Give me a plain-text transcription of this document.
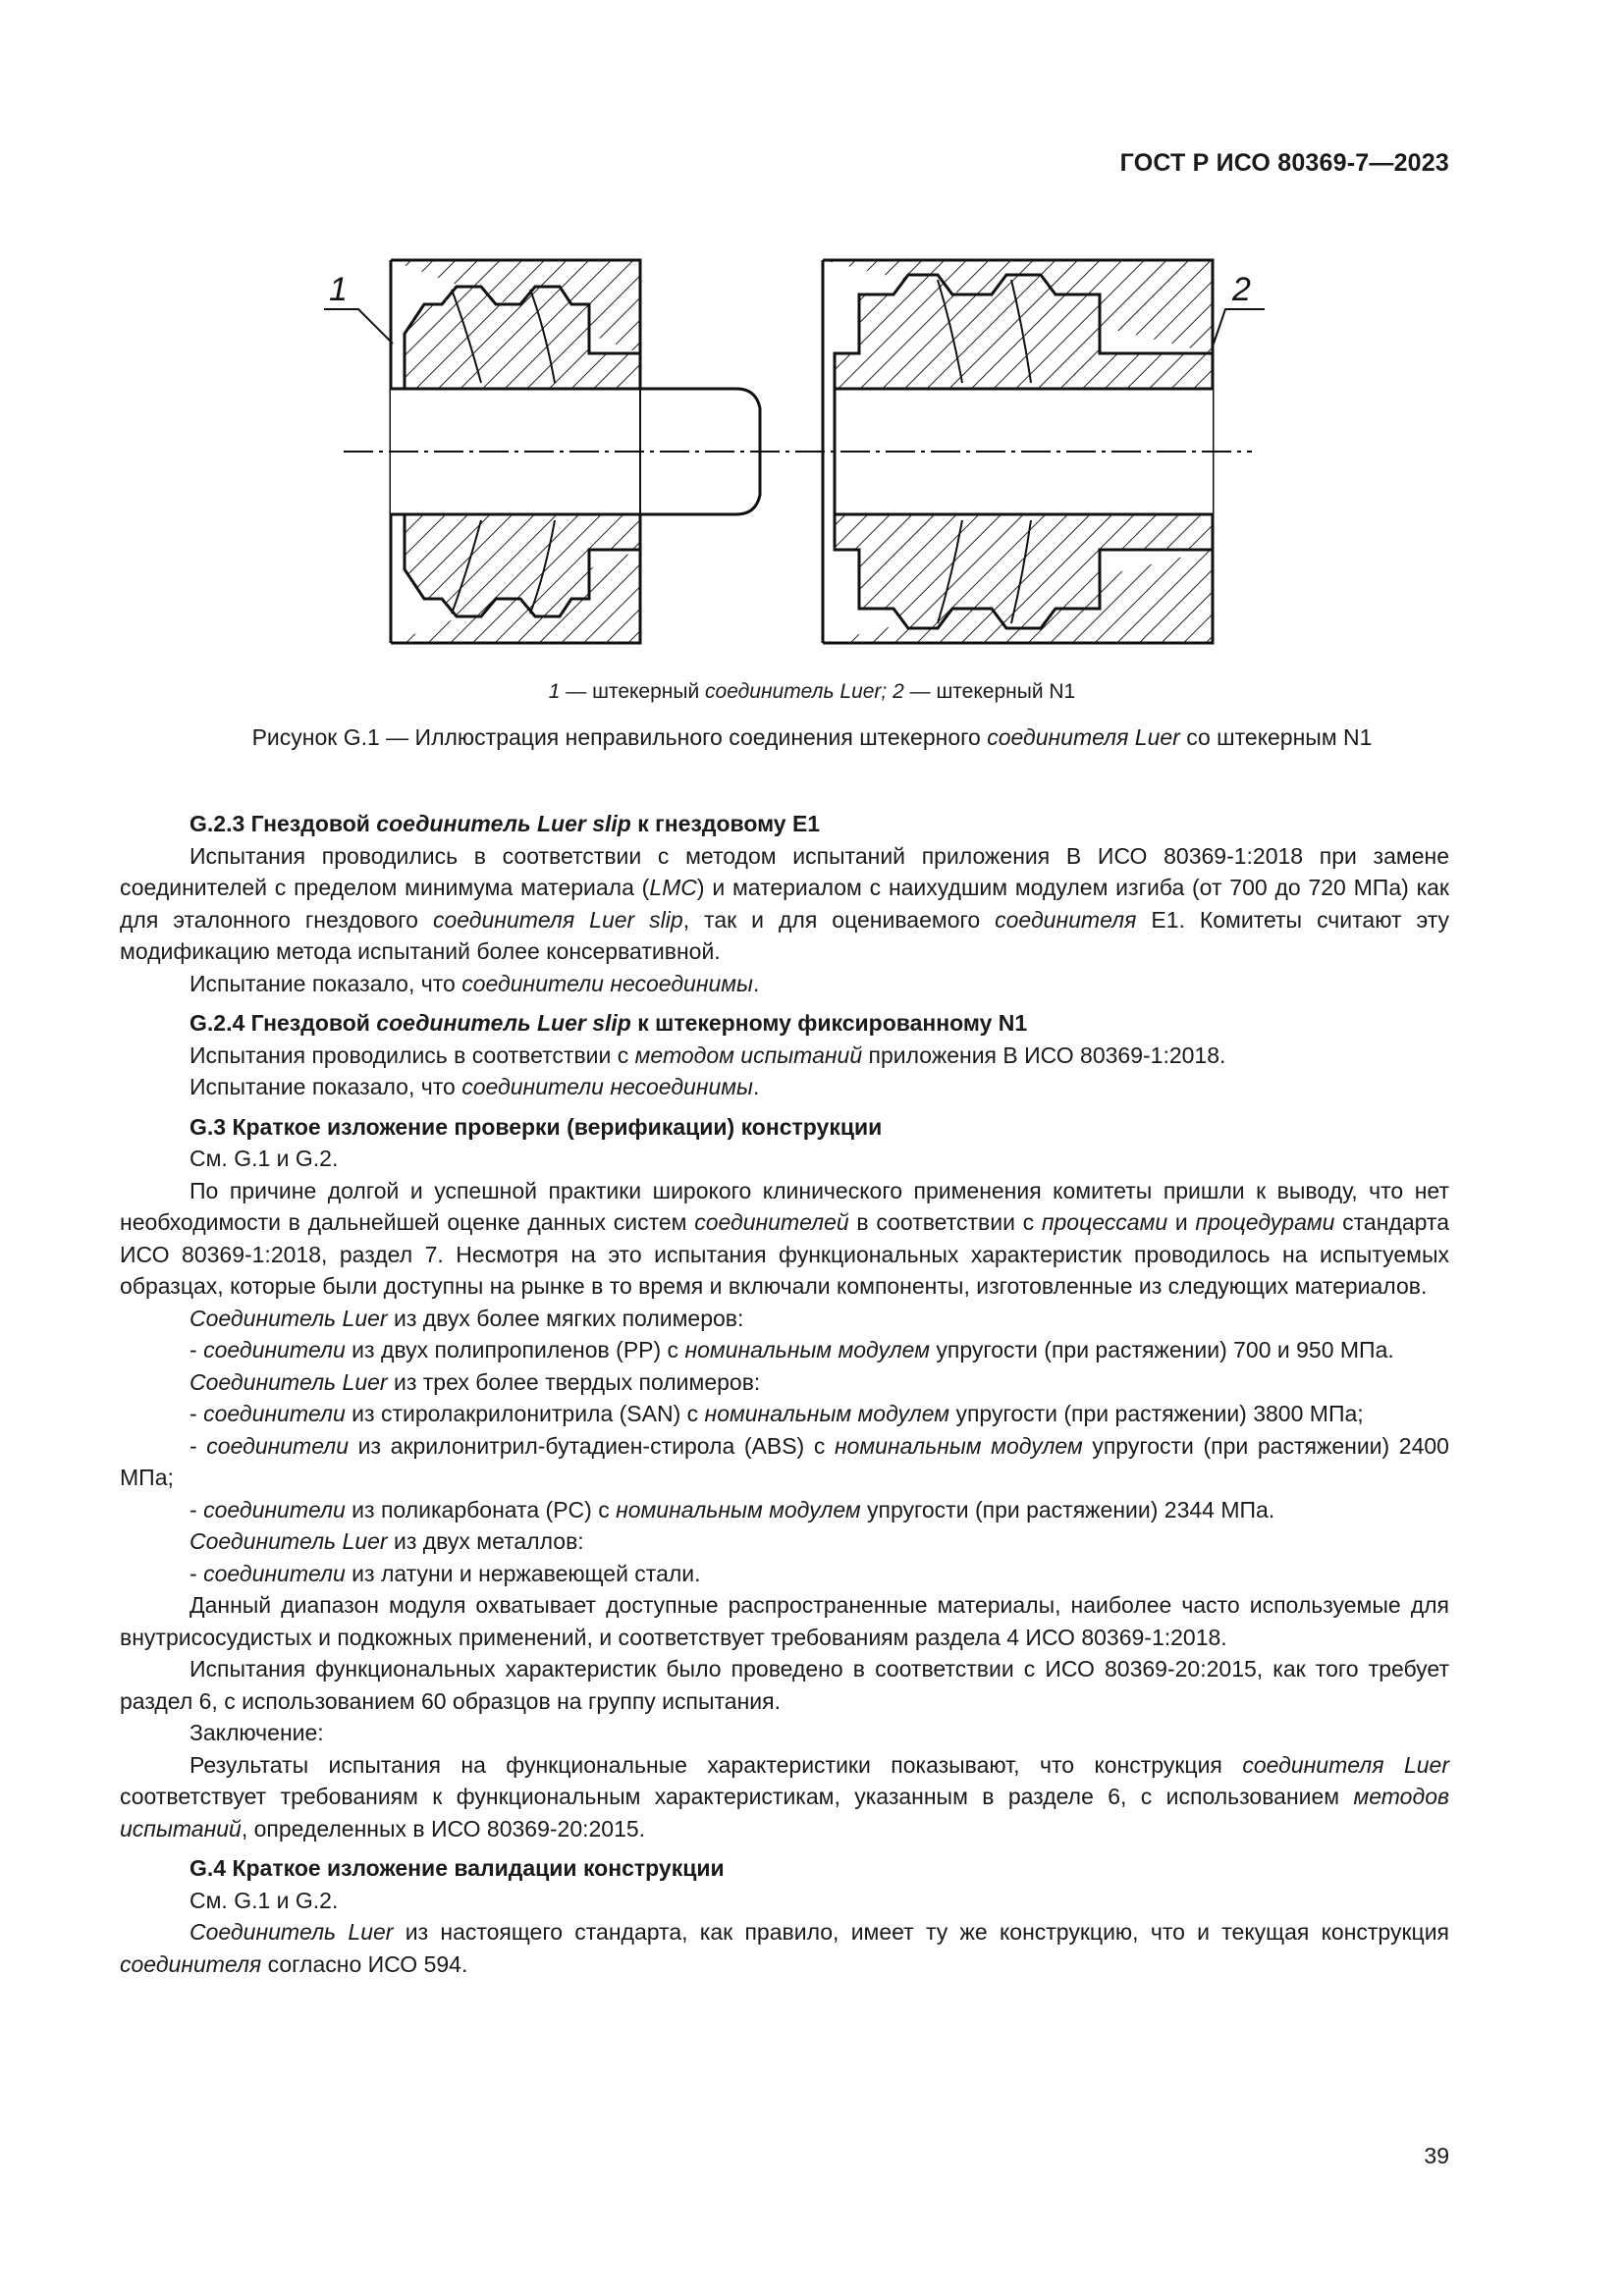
ГОСТ Р ИСО 80369-7—2023
1	2
1 — штекерный соединитель Luer; 2 — штекерный N1
Рисунок G.1 — Иллюстрация неправильного соединения штекерного соединителя Luer со штекерным N1

G.2.3 Гнездовой соединитель Luer slip к гнездовому E1

Испытания проводились в соответствии с методом испытаний приложения B ИСО 80369-1:2018 при замене соединителей с пределом минимума материала (LMC) и материалом с наихудшим модулем изгиба (от 700 до 720 МПа) как для эталонного гнездового соединителя Luer slip, так и для оцениваемого соединителя E1. Комитеты считают эту модификацию метода испытаний более консервативной.

Испытание показало, что соединители несоединимы.

G.2.4 Гнездовой соединитель Luer slip к штекерному фиксированному N1

Испытания проводились в соответствии с методом испытаний приложения B ИСО 80369-1:2018.

Испытание показало, что соединители несоединимы.

G.3 Краткое изложение проверки (верификации) конструкции

См. G.1 и G.2.

По причине долгой и успешной практики широкого клинического применения комитеты пришли к выводу, что нет необходимости в дальнейшей оценке данных систем соединителей в соответствии с процессами и процедурами стандарта ИСО 80369-1:2018, раздел 7. Несмотря на это испытания функциональных характеристик проводилось на испытуемых образцах, которые были доступны на рынке в то время и включали компоненты, изготовленные из следующих материалов.

Соединитель Luer из двух более мягких полимеров:

- соединители из двух полипропиленов (PP) с номинальным модулем упругости (при растяжении) 700 и 950 МПа.

Соединитель Luer из трех более твердых полимеров:

- соединители из стиролакрилонитрила (SAN) с номинальным модулем упругости (при растяжении) 3800 МПа;

- соединители из акрилонитрил-бутадиен-стирола (ABS) с номинальным модулем упругости (при растяжении) 2400 МПа;

- соединители из поликарбоната (PC) с номинальным модулем упругости (при растяжении) 2344 МПа.

Соединитель Luer из двух металлов:

- соединители из латуни и нержавеющей стали.

Данный диапазон модуля охватывает доступные распространенные материалы, наиболее часто используемые для внутрисосудистых и подкожных применений, и соответствует требованиям раздела 4 ИСО 80369-1:2018.

Испытания функциональных характеристик было проведено в соответствии с ИСО 80369-20:2015, как того требует раздел 6, с использованием 60 образцов на группу испытания.

Заключение:

Результаты испытания на функциональные характеристики показывают, что конструкция соединителя Luer соответствует требованиям к функциональным характеристикам, указанным в разделе 6, с использованием методов испытаний, определенных в ИСО 80369-20:2015.

G.4 Краткое изложение валидации конструкции

См. G.1 и G.2.

Соединитель Luer из настоящего стандарта, как правило, имеет ту же конструкцию, что и текущая конструкция соединителя согласно ИСО 594.

39
